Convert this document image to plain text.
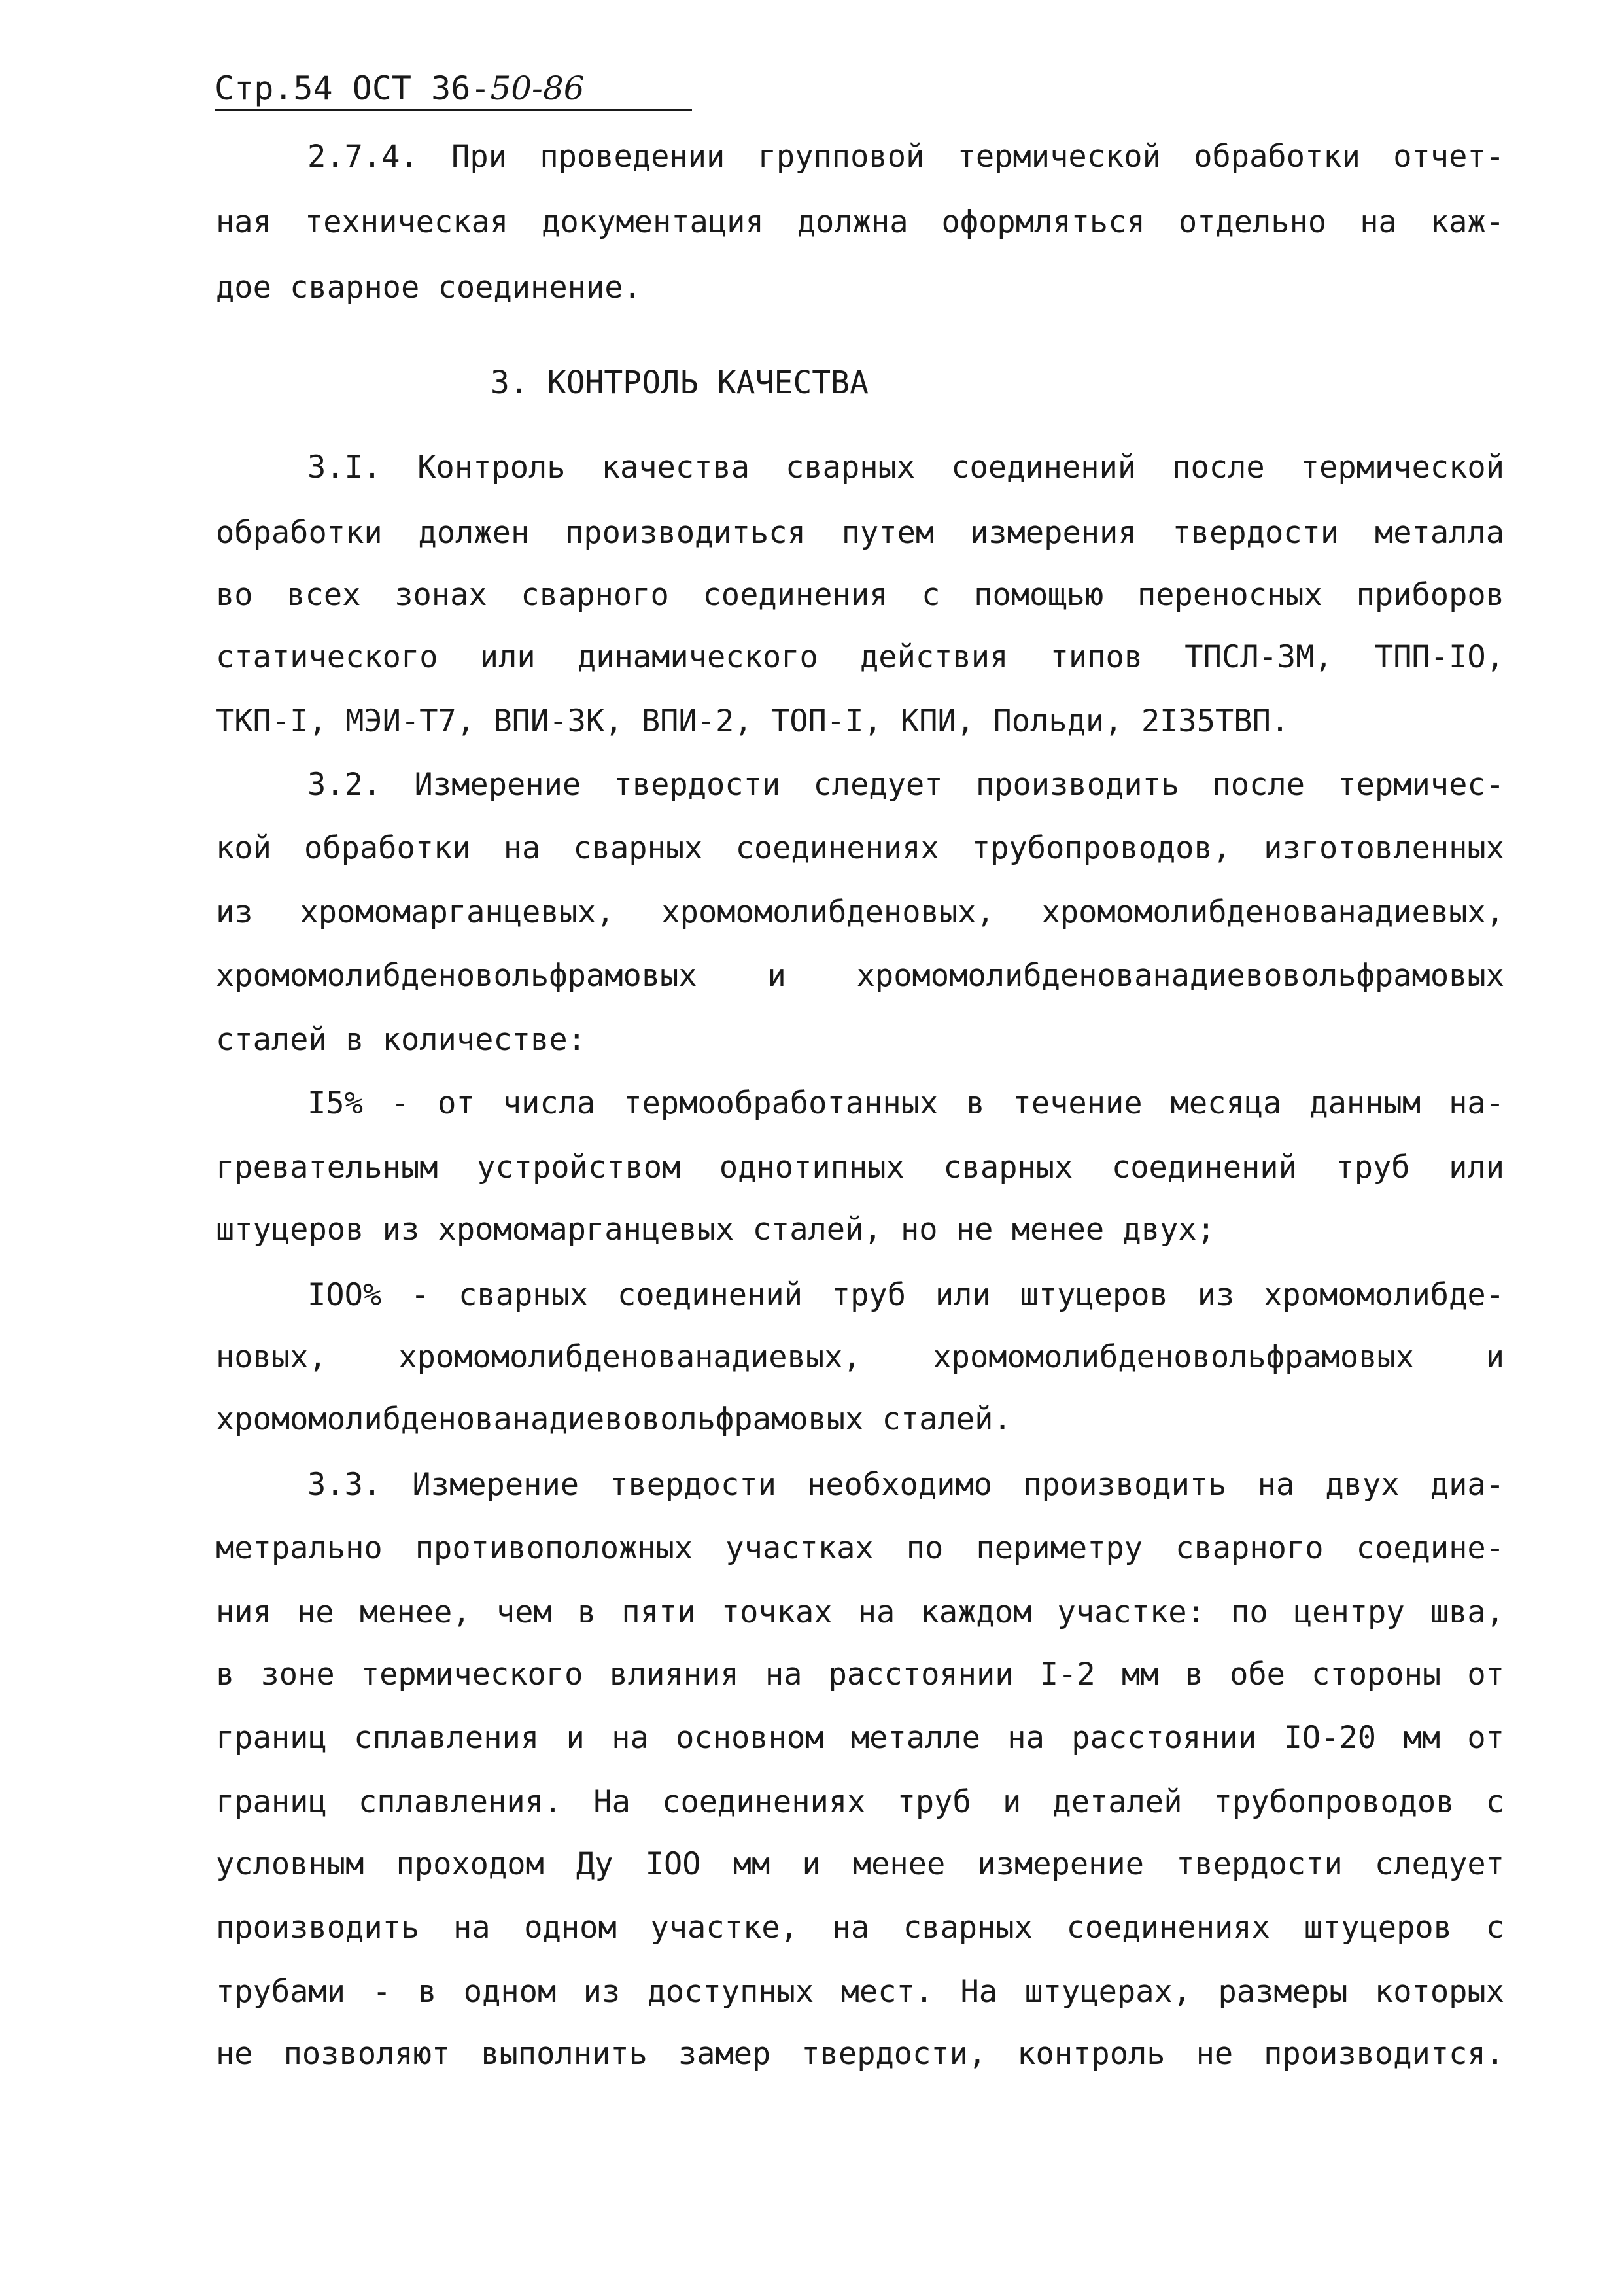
Стр.54 ОСТ 36-50-86
2.7.4. При проведении групповой термической обработки отчет-
ная техническая документация должна оформляться отдельно на каж-
дое сварное соединение.
3. КОНТРОЛЬ КАЧЕСТВА
3.I. Контроль качества сварных соединений после термической
обработки должен производиться путем измерения твердости металла
во всех зонах сварного соединения с помощью переносных приборов
статического или динамического действия типов ТПСЛ-ЗМ, ТПП-IO,
ТКП-I, МЭИ-Т7, ВПИ-ЗК, ВПИ-2, ТОП-I, КПИ, Польди, 2I35ТВП.
3.2. Измерение твердости следует производить после термичес-
кой обработки на сварных соединениях трубопроводов, изготовленных
из хромомарганцевых, хромомолибденовых, хромомолибденованадиевых,
хромомолибденовольфрамовых и хромомолибденованадиевовольфрамовых
сталей в количестве:
I5% - от числа термообработанных в течение месяца данным на-
гревательным устройством однотипных сварных соединений труб или
штуцеров из хромомарганцевых сталей, но не менее двух;
IOO% - сварных соединений труб или штуцеров из хромомолибде-
новых, хромомолибденованадиевых, хромомолибденовольфрамовых и
хромомолибденованадиевовольфрамовых сталей.
3.3. Измерение твердости необходимо производить на двух диа-
метрально противоположных участках по периметру сварного соедине-
ния не менее, чем в пяти точках на каждом участке: по центру шва,
в зоне термического влияния на расстоянии I-2 мм в обе стороны от
границ сплавления и на основном металле на расстоянии IO-20 мм от
границ сплавления. На соединениях труб и деталей трубопроводов с
условным проходом Ду IOO мм и менее измерение твердости следует
производить на одном участке, на сварных соединениях штуцеров с
трубами - в одном из доступных мест. На штуцерах, размеры которых
не позволяют выполнить замер твердости, контроль не производится.
